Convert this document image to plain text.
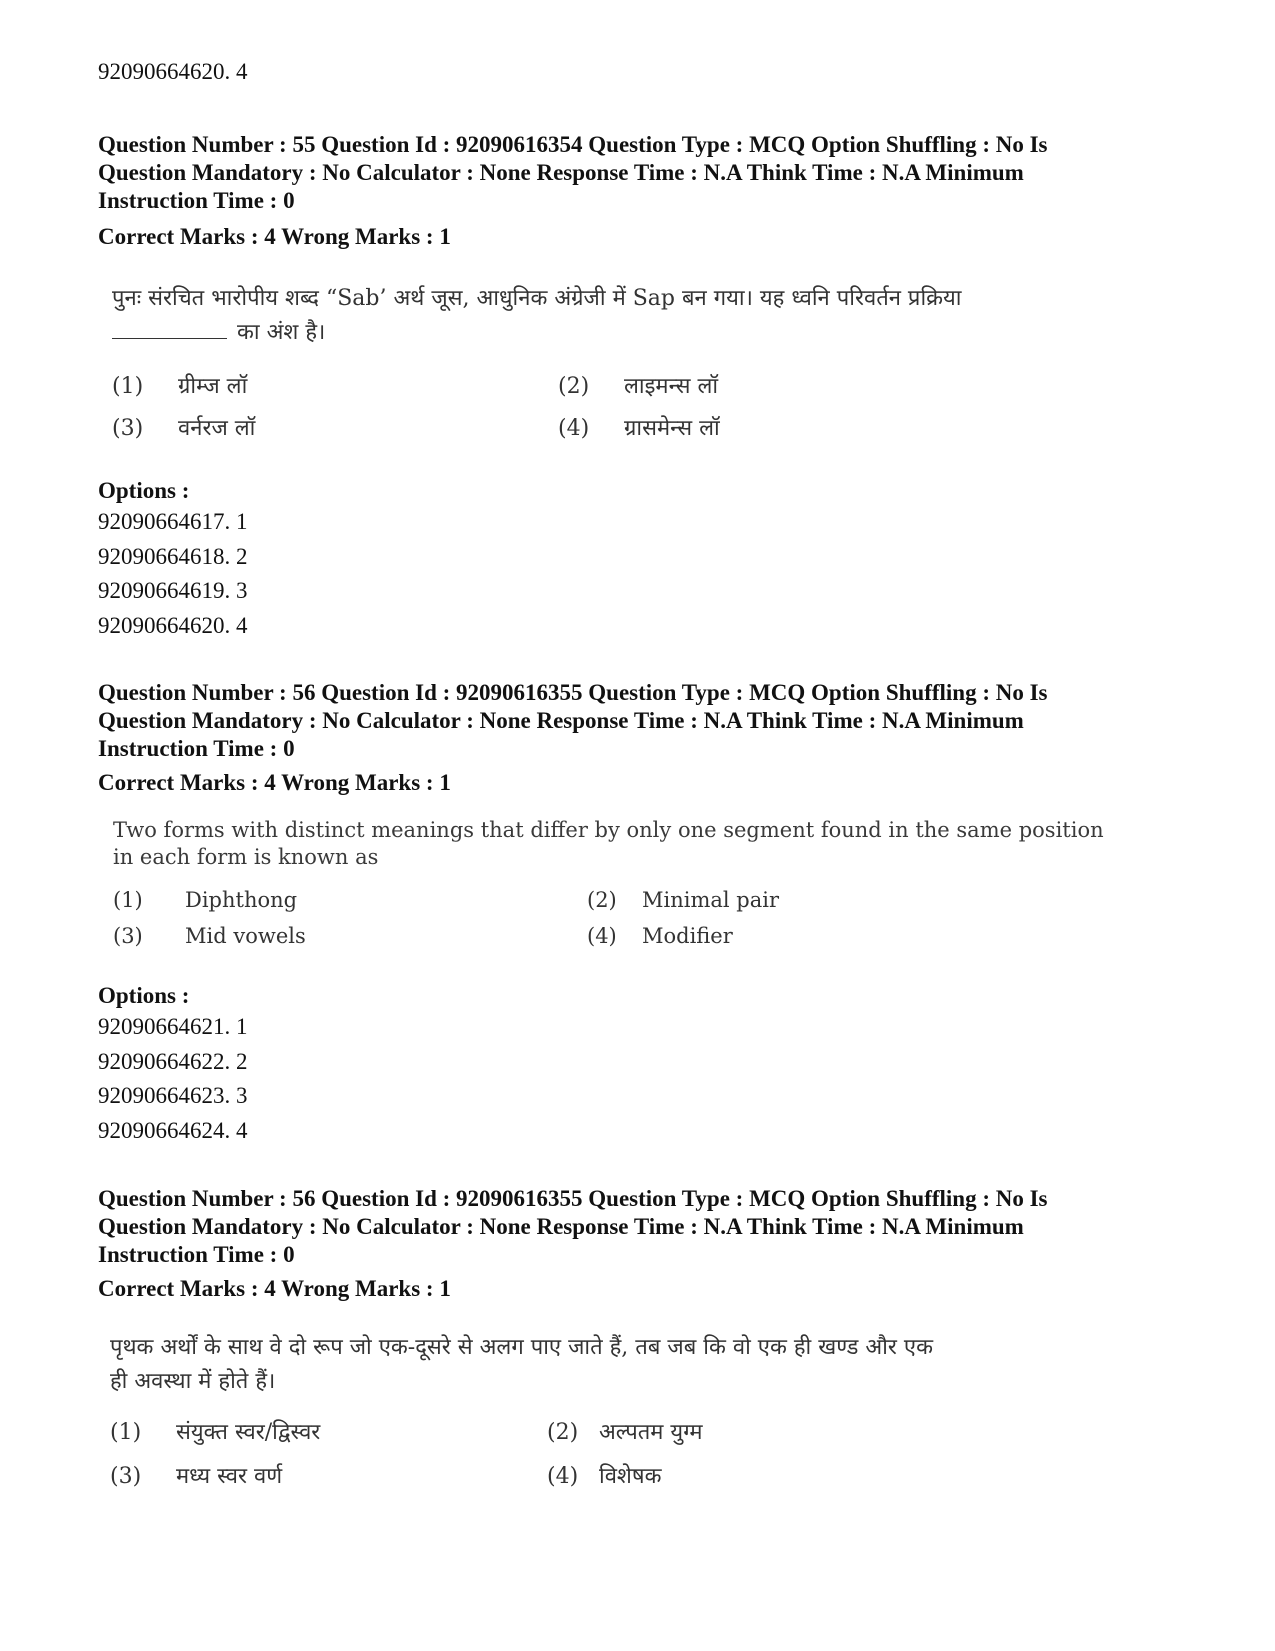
92090664620. 4
Question Number : 55 Question Id : 92090616354 Question Type : MCQ Option Shuffling : No Is
Question Mandatory : No Calculator : None Response Time : N.A Think Time : N.A Minimum
Instruction Time : 0
Correct Marks : 4 Wrong Marks : 1
पुनः संरचित भारोपीय शब्द “Sab’ अर्थ जूस, आधुनिक अंग्रेजी में Sap बन गया। यह ध्वनि परिवर्तन प्रक्रिया
का अंश है।
(1) ग्रीम्ज लॉ	(2) लाइमन्स लॉ
(3) वर्नरज लॉ	(4) ग्रासमेन्स लॉ
Options :
92090664617. 1
92090664618. 2
92090664619. 3
92090664620. 4
Question Number : 56 Question Id : 92090616355 Question Type : MCQ Option Shuffling : No Is
Question Mandatory : No Calculator : None Response Time : N.A Think Time : N.A Minimum
Instruction Time : 0
Correct Marks : 4 Wrong Marks : 1
Two forms with distinct meanings that differ by only one segment found in the same position
in each form is known as
(1) Diphthong	(2) Minimal pair
(3) Mid vowels	(4) Modifier
Options :
92090664621. 1
92090664622. 2
92090664623. 3
92090664624. 4
Question Number : 56 Question Id : 92090616355 Question Type : MCQ Option Shuffling : No Is
Question Mandatory : No Calculator : None Response Time : N.A Think Time : N.A Minimum
Instruction Time : 0
Correct Marks : 4 Wrong Marks : 1
पृथक अर्थों के साथ वे दो रूप जो एक-दूसरे से अलग पाए जाते हैं, तब जब कि वो एक ही खण्ड और एक
ही अवस्था में होते हैं।
(1) संयुक्त स्वर/द्विस्वर	(2) अल्पतम युग्म
(3) मध्य स्वर वर्ण	(4) विशेषक
